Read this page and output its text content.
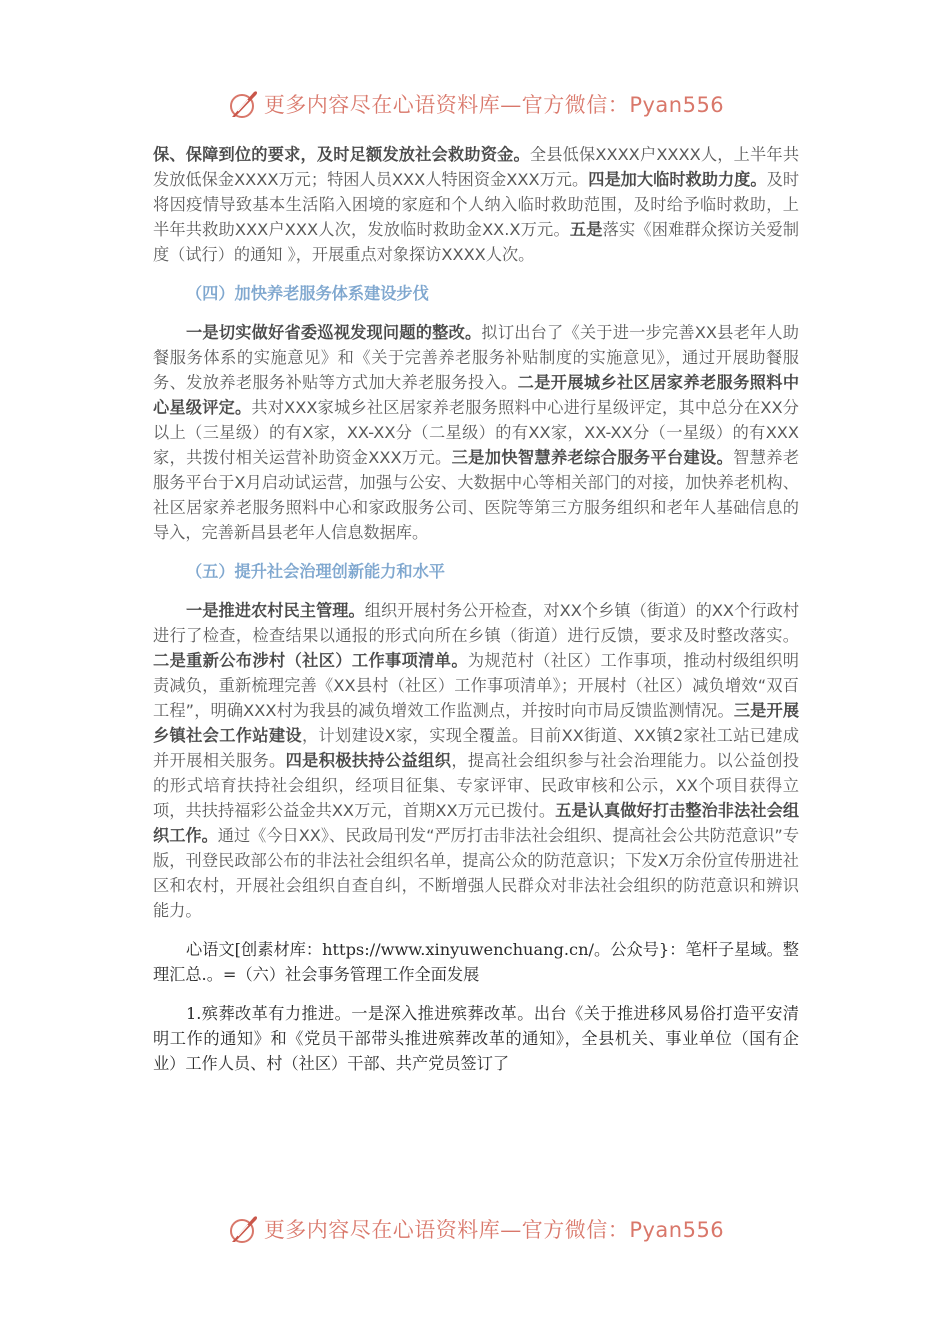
更多内容尽在心语资料库—官方微信：Pyan556

保、保障到位的要求，及时足额发放社会救助资金。全县低保XXXX户XXXX人，上半年共发放低保金XXXX万元；特困人员XXX人特困资金XXX万元。四是加大临时救助力度。及时将因疫情导致基本生活陷入困境的家庭和个人纳入临时救助范围，及时给予临时救助，上半年共救助XXX户XXX人次，发放临时救助金XX.X万元。五是落实《困难群众探访关爱制度（试行）的通知 》，开展重点对象探访XXXX人次。

（四）加快养老服务体系建设步伐

一是切实做好省委巡视发现问题的整改。拟订出台了《关于进一步完善XX县老年人助餐服务体系的实施意见》和《关于完善养老服务补贴制度的实施意见》，通过开展助餐服务、发放养老服务补贴等方式加大养老服务投入。二是开展城乡社区居家养老服务照料中心星级评定。共对XXX家城乡社区居家养老服务照料中心进行星级评定，其中总分在XX分以上（三星级）的有X家，XX-XX分（二星级）的有XX家，XX-XX分（一星级）的有XXX家，共拨付相关运营补助资金XXX万元。三是加快智慧养老综合服务平台建设。智慧养老服务平台于X月启动试运营，加强与公安、大数据中心等相关部门的对接，加快养老机构、社区居家养老服务照料中心和家政服务公司、医院等第三方服务组织和老年人基础信息的导入，完善新昌县老年人信息数据库。

（五）提升社会治理创新能力和水平

一是推进农村民主管理。组织开展村务公开检查，对XX个乡镇（街道）的XX个行政村进行了检查，检查结果以通报的形式向所在乡镇（街道）进行反馈，要求及时整改落实。二是重新公布涉村（社区）工作事项清单。为规范村（社区）工作事项，推动村级组织明责减负，重新梳理完善《XX县村（社区）工作事项清单》；开展村（社区）减负增效“双百工程”，明确XXX村为我县的减负增效工作监测点，并按时向市局反馈监测情况。三是开展乡镇社会工作站建设，计划建设X家，实现全覆盖。目前XX街道、XX镇2家社工站已建成并开展相关服务。四是积极扶持公益组织，提高社会组织参与社会治理能力。以公益创投的形式培育扶持社会组织，经项目征集、专家评审、民政审核和公示，XX个项目获得立项，共扶持福彩公益金共XX万元，首期XX万元已拨付。五是认真做好打击整治非法社会组织工作。通过《今日XX》、民政局刊发“严厉打击非法社会组织、提高社会公共防范意识”专版，刊登民政部公布的非法社会组织名单，提高公众的防范意识；下发X万余份宣传册进社区和农村，开展社会组织自查自纠，不断增强人民群众对非法社会组织的防范意识和辨识能力。

心语文[创素材库：https://www.xinyuwenchuang.cn/。公众号}：笔杆子星域。整理汇总.。=（六）社会事务管理工作全面发展

1.殡葬改革有力推进。一是深入推进殡葬改革。出台《关于推进移风易俗打造平安清明工作的通知》和《党员干部带头推进殡葬改革的通知》，全县机关、事业单位（国有企业）工作人员、村（社区）干部、共产党员签订了

更多内容尽在心语资料库—官方微信：Pyan556
